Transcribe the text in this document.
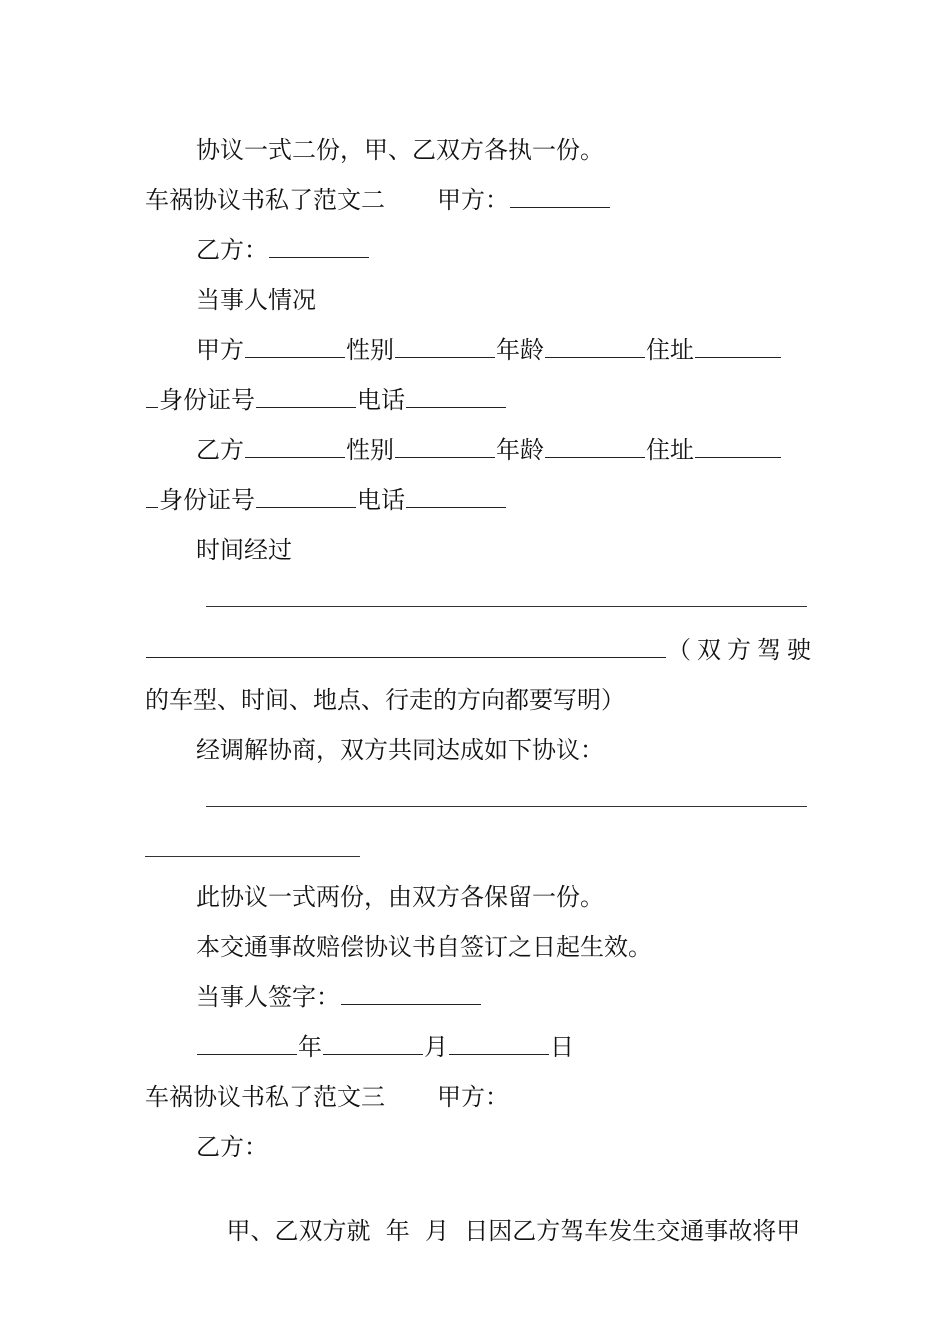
协议一式二份，甲、乙双方各执一份。
车祸协议书私了范文二 甲方：
乙方：
当事人情况
甲方	性别	年龄	住址
身份证号	电话
乙方	性别	年龄	住址
身份证号	电话
时间经过
（双方驾驶
的车型、时间、地点、行走的方向都要写明）
经调解协商，双方共同达成如下协议：
此协议一式两份，由双方各保留一份。
本交通事故赔偿协议书自签订之日起生效。
当事人签字：
年	月	日
车祸协议书私了范文三 甲方：
乙方：

甲、乙双方就  年  月  日因乙方驾车发生交通事故将甲
